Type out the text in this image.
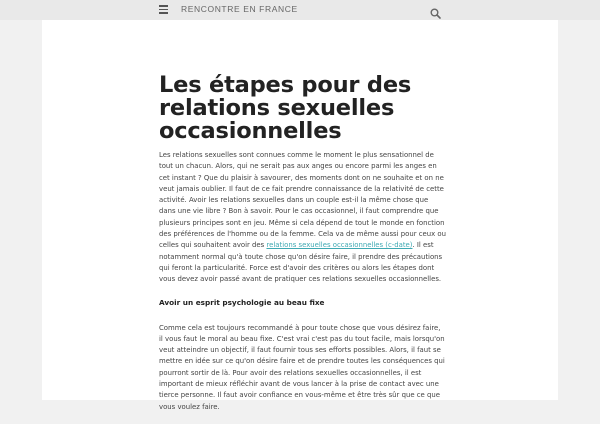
RENCONTRE EN FRANCE
Les étapes pour des relations sexuelles occasionnelles

Les relations sexuelles sont connues comme le moment le plus sensationnel de tout un chacun. Alors, qui ne serait pas aux anges ou encore parmi les anges en cet instant ? Que du plaisir à savourer, des moments dont on ne souhaite et on ne veut jamais oublier. Il faut de ce fait prendre connaissance de la relativité de cette activité. Avoir les relations sexuelles dans un couple est-il la même chose que dans une vie libre ? Bon à savoir. Pour le cas occasionnel, il faut comprendre que plusieurs principes sont en jeu. Même si cela dépend de tout le monde en fonction des préférences de l'homme ou de la femme. Cela va de même aussi pour ceux ou celles qui souhaitent avoir des relations sexuelles occasionnelles (c-date). Il est notamment normal qu'à toute chose qu'on désire faire, il prendre des précautions qui feront la particularité. Force est d'avoir des critères ou alors les étapes dont vous devez avoir passé avant de pratiquer ces relations sexuelles occasionnelles.

Avoir un esprit psychologie au beau fixe

Comme cela est toujours recommandé à pour toute chose que vous désirez faire, il vous faut le moral au beau fixe. C'est vrai c'est pas du tout facile, mais lorsqu'on veut atteindre un objectif, il faut fournir tous ses efforts possibles. Alors, il faut se mettre en idée sur ce qu'on désire faire et de prendre toutes les conséquences qui pourront sortir de là. Pour avoir des relations sexuelles occasionnelles, il est important de mieux réfléchir avant de vous lancer à la prise de contact avec une tierce personne. Il faut avoir confiance en vous-même et être très sûr que ce que vous voulez faire.
